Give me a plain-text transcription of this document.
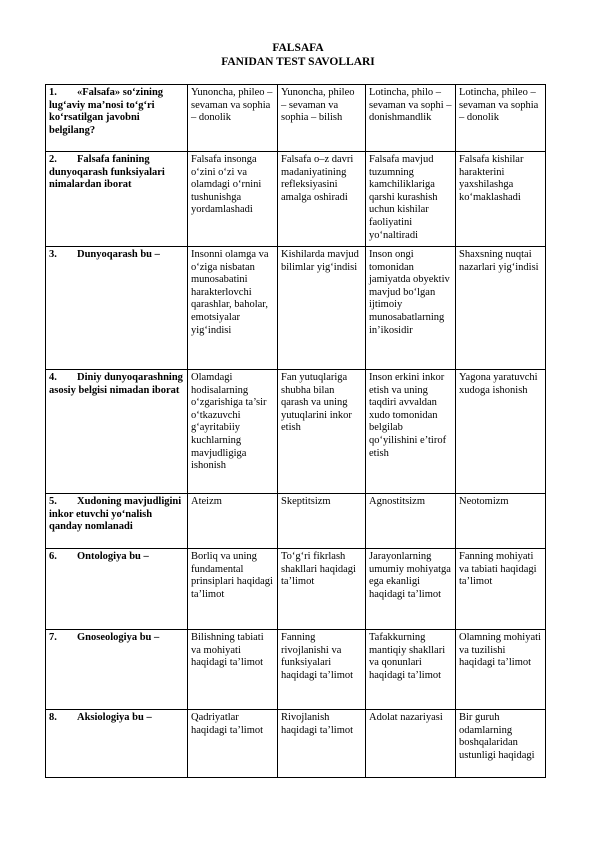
FALSAFA
FANIDAN TEST SAVOLLARI
1. «Falsafa» so‘zining lug‘aviy ma’nosi to‘g‘ri ko‘rsatilgan javobni belgilang?	Yunoncha, phileo – sevaman va sophia – donolik	Yunoncha, phileo – sevaman va sophia – bilish	Lotincha, philo – sevaman va sophi – donishmandlik	Lotincha, phileo – sevaman va sophia – donolik
2. Falsafa fanining dunyoqarash funksiyalari nimalardan iborat	Falsafa insonga o‘zini o‘zi va olamdagi o‘rnini tushunishga yordamlashadi	Falsafa o–z davri madaniyatining refleksiyasini amalga oshiradi	Falsafa mavjud tuzumning kamchiliklariga qarshi kurashish uchun kishilar faoliyatini yo‘naltiradi	Falsafa kishilar harakterini yaxshilashga ko‘maklashadi
3. Dunyoqarash bu –	Insonni olamga va o‘ziga nisbatan munosabatini harakterlovchi qarashlar, baholar, emotsiyalar yig‘indisi	Kishilarda mavjud bilimlar yig‘indisi	Inson ongi tomonidan jamiyatda obyektiv mavjud bo‘lgan ijtimoiy munosabatlarning in’ikosidir	Shaxsning nuqtai nazarlari yig‘indisi
4. Diniy dunyoqarashning asosiy belgisi nimadan iborat	Olamdagi hodisalarning o‘zgarishiga ta’sir o‘tkazuvchi g‘ayritabiiy kuchlarning mavjudligiga ishonish	Fan yutuqlariga shubha bilan qarash va uning yutuqlarini inkor etish	Inson erkini inkor etish va uning taqdiri avvaldan xudo tomonidan belgilab qo‘yilishini e’tirof etish	Yagona yaratuvchi xudoga ishonish
5. Xudoning mavjudligini inkor etuvchi yo‘nalish qanday nomlanadi	Ateizm	Skeptitsizm	Agnostitsizm	Neotomizm
6. Ontologiya bu –	Borliq va uning fundamental prinsiplari haqidagi ta’limot	To‘g‘ri fikrlash shakllari haqidagi ta’limot	Jarayonlarning umumiy mohiyatga ega ekanligi haqidagi ta’limot	Fanning mohiyati va tabiati haqidagi ta’limot
7. Gnoseologiya bu –	Bilishning tabiati va mohiyati haqidagi ta’limot	Fanning rivojlanishi va funksiyalari haqidagi ta’limot	Tafakkurning mantiqiy shakllari va qonunlari haqidagi ta’limot	Olamning mohiyati va tuzilishi haqidagi ta’limot
8. Aksiologiya bu –	Qadriyatlar haqidagi ta’limot	Rivojlanish haqidagi ta’limot	Adolat nazariyasi	Bir guruh odamlarning boshqalaridan ustunligi haqidagi
